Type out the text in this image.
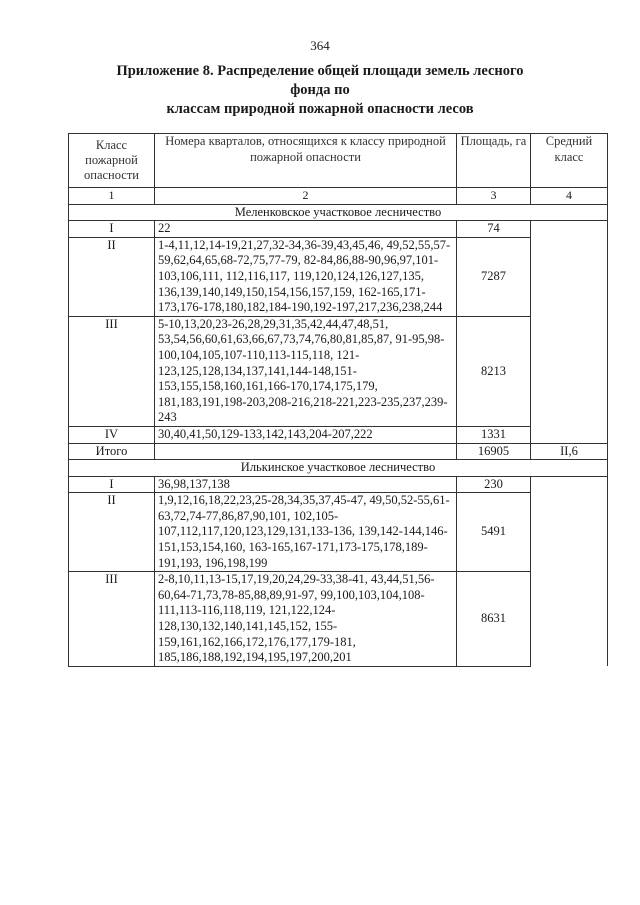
364
Приложение 8. Распределение общей площади земель лесного фонда по
классам природной пожарной опасности лесов
Класс пожарной опасности	Номера кварталов, относящихся к классу природной пожарной опасности	Площадь, га	Средний класс
1	2	3	4
Меленковское участковое лесничество			
I	22	74	
II	1-4,11,12,14-19,21,27,32-34,36-39,43,45,46, 49,52,55,57-59,62,64,65,68-72,75,77-79, 82-84,86,88-90,96,97,101-103,106,111, 112,116,117, 119,120,124,126,127,135, 136,139,140,149,150,154,156,157,159, 162-165,171-173,176-178,180,182,184-190,192-197,217,236,238,244	7287	
III	5-10,13,20,23-26,28,29,31,35,42,44,47,48,51, 53,54,56,60,61,63,66,67,73,74,76,80,81,85,87, 91-95,98-100,104,105,107-110,113-115,118, 121-123,125,128,134,137,141,144-148,151-153,155,158,160,161,166-170,174,175,179, 181,183,191,198-203,208-216,218-221,223-235,237,239-243	8213	
IV	30,40,41,50,129-133,142,143,204-207,222	1331	
Итого		16905	II,6
Илькинское участковое лесничество			
I	36,98,137,138	230	
II	1,9,12,16,18,22,23,25-28,34,35,37,45-47, 49,50,52-55,61-63,72,74-77,86,87,90,101, 102,105-107,112,117,120,123,129,131,133-136, 139,142-144,146-151,153,154,160, 163-165,167-171,173-175,178,189-191,193, 196,198,199	5491	
III	2-8,10,11,13-15,17,19,20,24,29-33,38-41, 43,44,51,56-60,64-71,73,78-85,88,89,91-97, 99,100,103,104,108-111,113-116,118,119, 121,122,124-128,130,132,140,141,145,152, 155-159,161,162,166,172,176,177,179-181, 185,186,188,192,194,195,197,200,201	8631	
